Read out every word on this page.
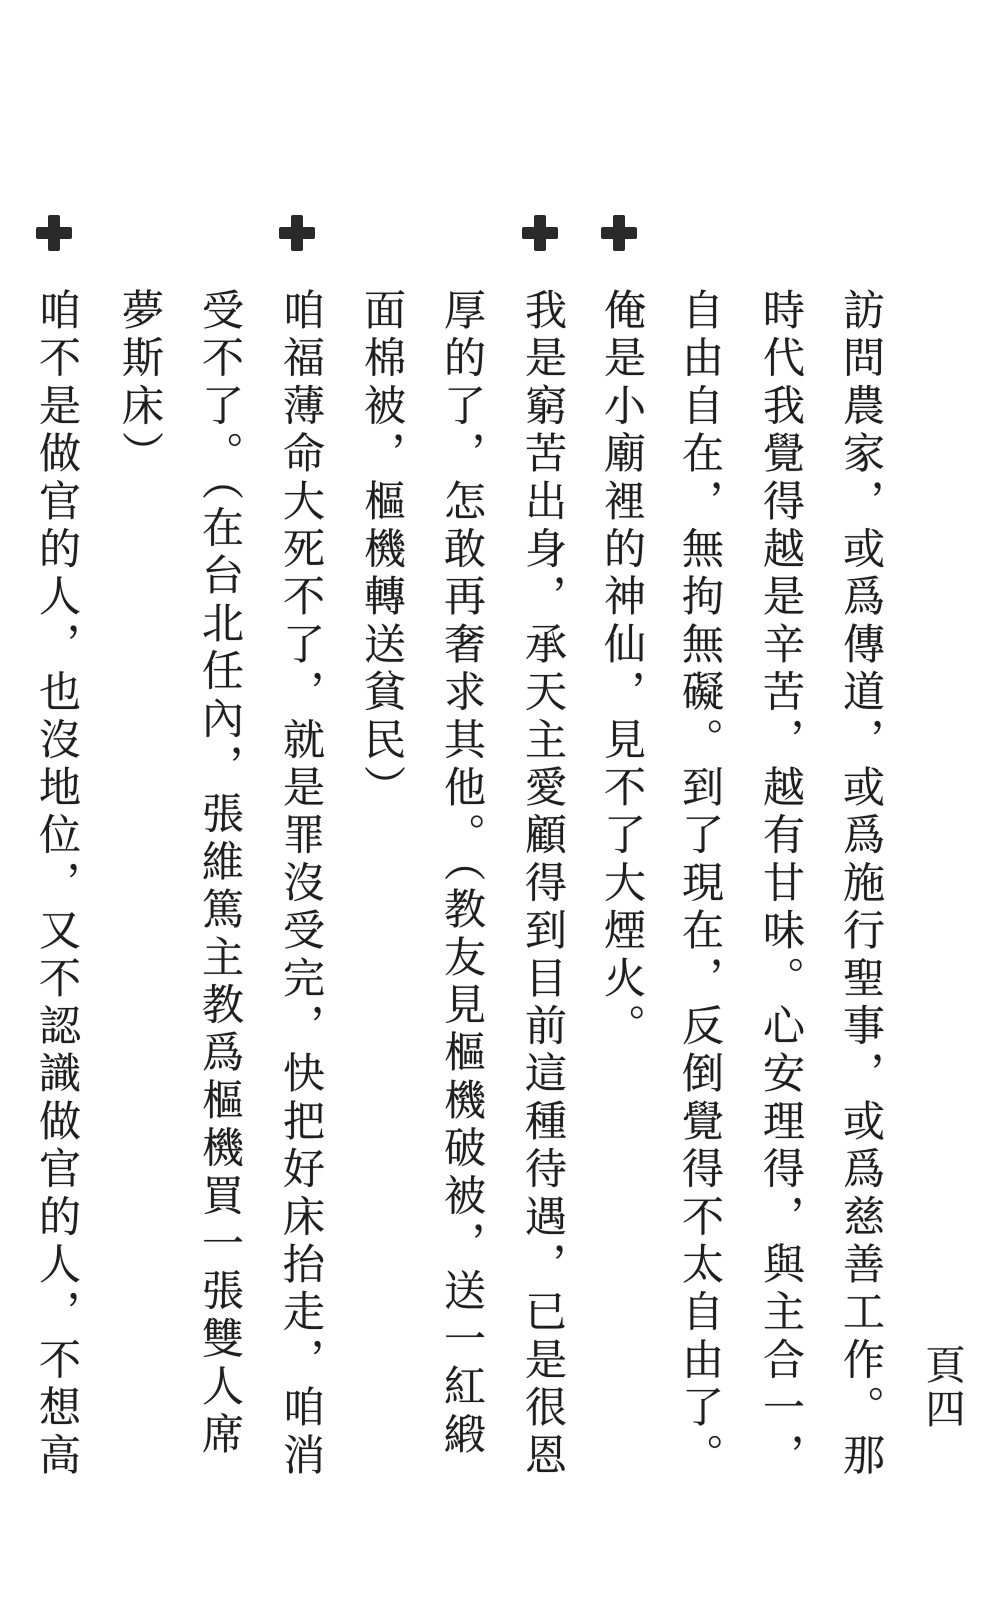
頁四
訪問農家，或爲傳道，或爲施行聖事，或爲慈善工作。那
時代我覺得越是辛苦，越有甘味。心安理得，與主合一，
自由自在，無拘無礙。到了現在，反倒覺得不太自由了。
俺是小廟裡的神仙，見不了大煙火。
我是窮苦出身，承天主愛顧得到目前這種待遇，已是很恩
厚的了，怎敢再奢求其他。（教友見樞機破被，送一紅緞
面棉被，樞機轉送貧民）
咱福薄命大死不了，就是罪沒受完，快把好床抬走，咱消
受不了。（在台北任內，張維篤主教爲樞機買一張雙人席
夢斯床）
咱不是做官的人，也沒地位，又不認識做官的人，不想高
